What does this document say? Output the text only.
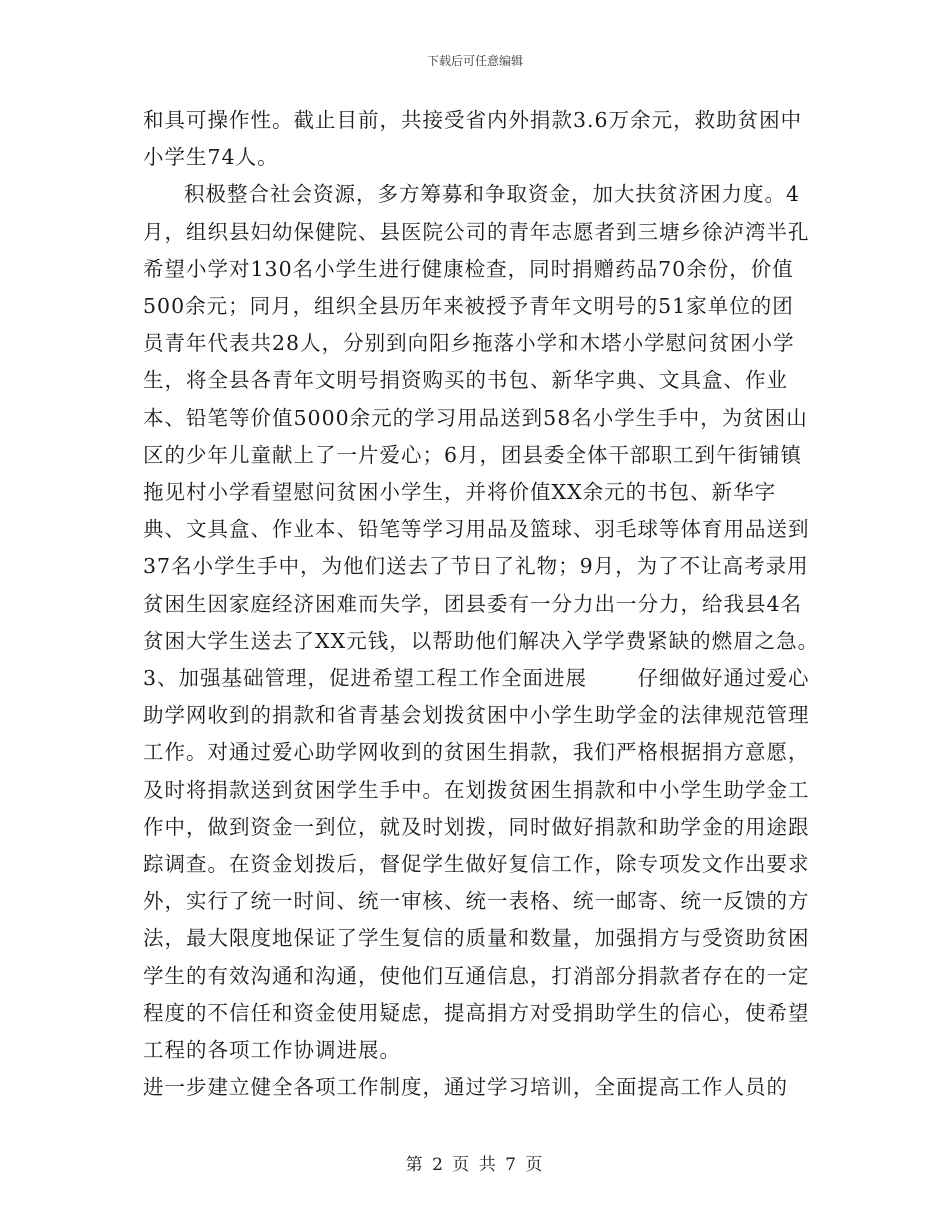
下载后可任意编辑

和具可操作性。截止目前，共接受省内外捐款3.6万余元，救助贫困中小学生74人。

积极整合社会资源，多方筹募和争取资金，加大扶贫济困力度。4月，组织县妇幼保健院、县医院公司的青年志愿者到三塘乡徐泸湾半孔希望小学对130名小学生进行健康检查，同时捐赠药品70余份，价值500余元；同月，组织全县历年来被授予青年文明号的51家单位的团员青年代表共28人，分别到向阳乡拖落小学和木塔小学慰问贫困小学生，将全县各青年文明号捐资购买的书包、新华字典、文具盒、作业本、铅笔等价值5000余元的学习用品送到58名小学生手中，为贫困山区的少年儿童献上了一片爱心；6月，团县委全体干部职工到午街铺镇拖见村小学看望慰问贫困小学生，并将价值XX余元的书包、新华字典、文具盒、作业本、铅笔等学习用品及篮球、羽毛球等体育用品送到37名小学生手中，为他们送去了节日了礼物；9月，为了不让高考录用贫困生因家庭经济困难而失学，团县委有一分力出一分力，给我县4名贫困大学生送去了XX元钱，以帮助他们解决入学学费紧缺的燃眉之急。　　 3、加强基础管理，促进希望工程工作全面进展　　 仔细做好通过爱心助学网收到的捐款和省青基会划拨贫困中小学生助学金的法律规范管理工作。对通过爱心助学网收到的贫困生捐款，我们严格根据捐方意愿，及时将捐款送到贫困学生手中。在划拨贫困生捐款和中小学生助学金工作中，做到资金一到位，就及时划拨，同时做好捐款和助学金的用途跟踪调查。在资金划拨后，督促学生做好复信工作，除专项发文作出要求外，实行了统一时间、统一审核、统一表格、统一邮寄、统一反馈的方法，最大限度地保证了学生复信的质量和数量，加强捐方与受资助贫困学生的有效沟通和沟通，使他们互通信息，打消部分捐款者存在的一定程度的不信任和资金使用疑虑，提高捐方对受捐助学生的信心，使希望工程的各项工作协调进展。

进一步建立健全各项工作制度，通过学习培训，全面提高工作人员的

第 2 页 共 7 页
